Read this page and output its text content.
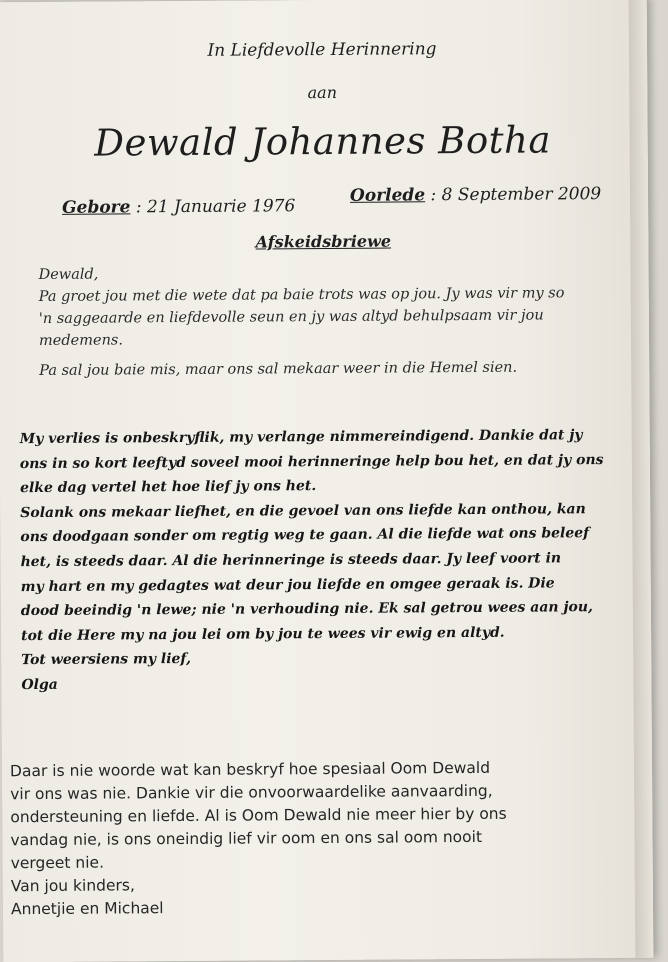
In Liefdevolle Herinnering
aan
Dewald Johannes Botha
Gebore : 21 Januarie 1976
Oorlede : 8 September 2009
Afskeidsbriewe
Dewald,
Pa groet jou met die wete dat pa baie trots was op jou. Jy was vir my so
'n saggeaarde en liefdevolle seun en jy was altyd behulpsaam vir jou
medemens.
Pa sal jou baie mis, maar ons sal mekaar weer in die Hemel sien.
My verlies is onbeskryflik, my verlange nimmereindigend. Dankie dat jy
ons in so kort leeftyd soveel mooi herinneringe help bou het, en dat jy ons
elke dag vertel het hoe lief jy ons het.
Solank ons mekaar liefhet, en die gevoel van ons liefde kan onthou, kan
ons doodgaan sonder om regtig weg te gaan. Al die liefde wat ons beleef
het, is steeds daar. Al die herinneringe is steeds daar. Jy leef voort in
my hart en my gedagtes wat deur jou liefde en omgee geraak is. Die
dood beeindig 'n lewe; nie 'n verhouding nie. Ek sal getrou wees aan jou,
tot die Here my na jou lei om by jou te wees vir ewig en altyd.
Tot weersiens my lief,
Olga
Daar is nie woorde wat kan beskryf hoe spesiaal Oom Dewald
vir ons was nie. Dankie vir die onvoorwaardelike aanvaarding,
ondersteuning en liefde. Al is Oom Dewald nie meer hier by ons
vandag nie, is ons oneindig lief vir oom en ons sal oom nooit
vergeet nie.
Van jou kinders,
Annetjie en Michael
